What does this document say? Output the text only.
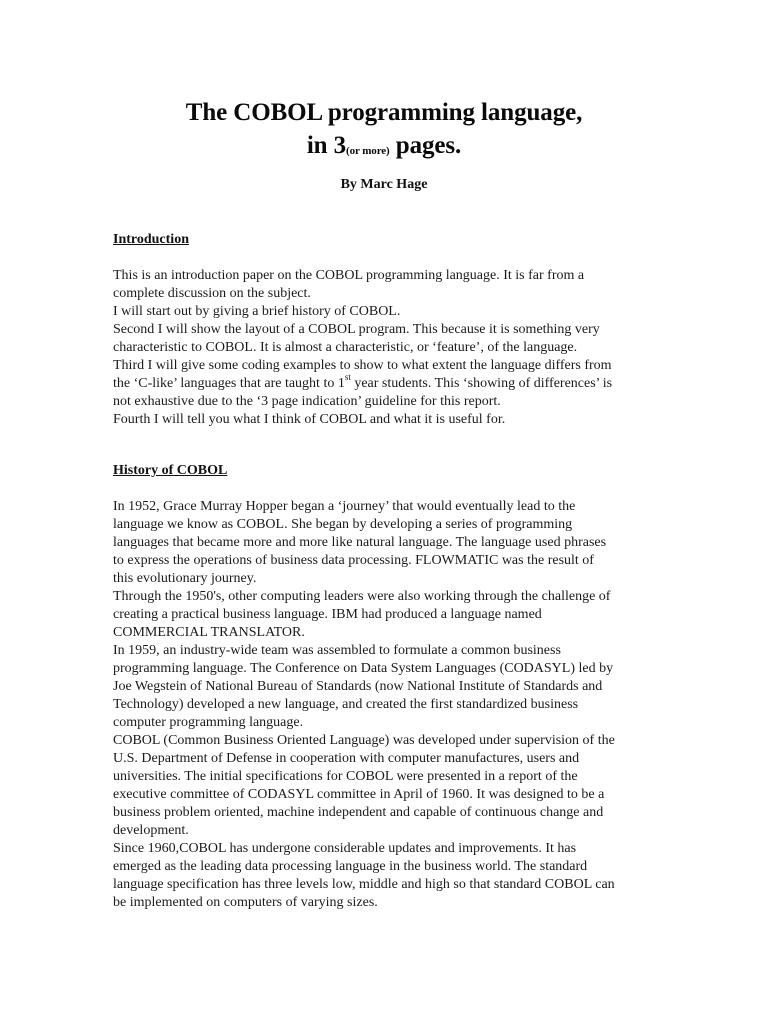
The COBOL programming language,
in 3(or more) pages.
By Marc Hage
Introduction
This is an introduction paper on the COBOL programming language. It is far from a
complete discussion on the subject.
I will start out by giving a brief history of COBOL.
Second I will show the layout of a COBOL program. This because it is something very
characteristic to COBOL. It is almost a characteristic, or ‘feature’, of the language.
Third I will give some coding examples to show to what extent the language differs from
the ‘C-like’ languages that are taught to 1st year students. This ‘showing of differences’ is
not exhaustive due to the ‘3 page indication’ guideline for this report.
Fourth I will tell you what I think of COBOL and what it is useful for.
History of COBOL
In 1952, Grace Murray Hopper began a ‘journey’ that would eventually lead to the
language we know as COBOL. She began by developing a series of programming
languages that became more and more like natural language. The language used phrases
to express the operations of business data processing. FLOWMATIC was the result of
this evolutionary journey.
Through the 1950's, other computing leaders were also working through the challenge of
creating a practical business language. IBM had produced a language named
COMMERCIAL TRANSLATOR.
In 1959, an industry-wide team was assembled to formulate a common business
programming language. The Conference on Data System Languages (CODASYL) led by
Joe Wegstein of National Bureau of Standards (now National Institute of Standards and
Technology) developed a new language, and created the first standardized business
computer programming language.
COBOL (Common Business Oriented Language) was developed under supervision of the
U.S. Department of Defense in cooperation with computer manufactures, users and
universities. The initial specifications for COBOL were presented in a report of the
executive committee of CODASYL committee in April of 1960. It was designed to be a
business problem oriented, machine independent and capable of continuous change and
development.
Since 1960,COBOL has undergone considerable updates and improvements. It has
emerged as the leading data processing language in the business world. The standard
language specification has three levels low, middle and high so that standard COBOL can
be implemented on computers of varying sizes.
